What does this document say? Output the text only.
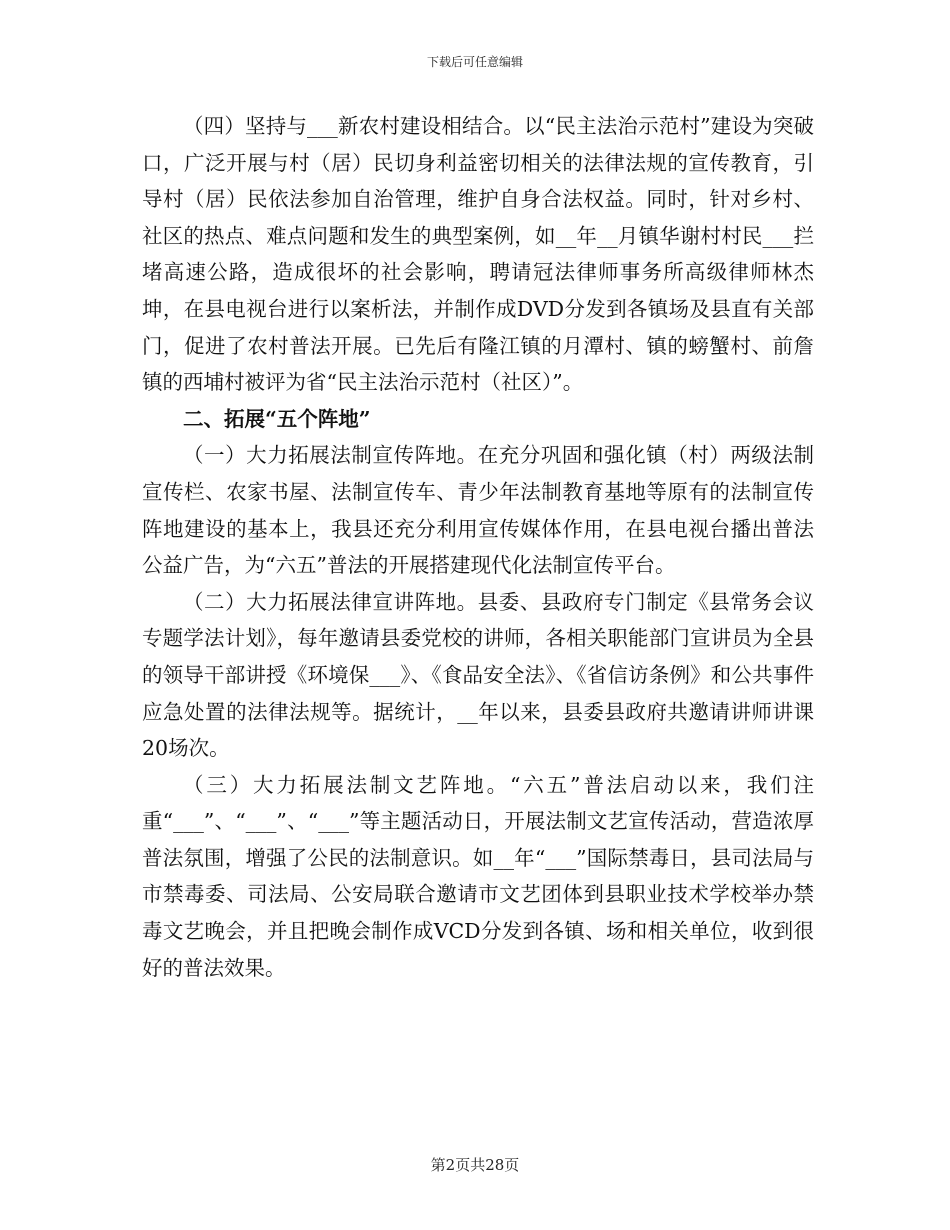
下载后可任意编辑

（四）坚持与___新农村建设相结合。以“民主法治示范村”建设为突破口，广泛开展与村（居）民切身利益密切相关的法律法规的宣传教育，引导村（居）民依法参加自治管理，维护自身合法权益。同时，针对乡村、社区的热点、难点问题和发生的典型案例，如__年__月镇华谢村村民___拦堵高速公路，造成很坏的社会影响，聘请冠法律师事务所高级律师林杰坤，在县电视台进行以案析法，并制作成DVD分发到各镇场及县直有关部门，促进了农村普法开展。已先后有隆江镇的月潭村、镇的螃蟹村、前詹镇的西埔村被评为省“民主法治示范村（社区）”。

二、拓展“五个阵地”

（一）大力拓展法制宣传阵地。在充分巩固和强化镇（村）两级法制宣传栏、农家书屋、法制宣传车、青少年法制教育基地等原有的法制宣传阵地建设的基本上，我县还充分利用宣传媒体作用，在县电视台播出普法公益广告，为“六五”普法的开展搭建现代化法制宣传平台。

（二）大力拓展法律宣讲阵地。县委、县政府专门制定《县常务会议专题学法计划》，每年邀请县委党校的讲师，各相关职能部门宣讲员为全县的领导干部讲授《环境保___》、《食品安全法》、《省信访条例》和公共事件应急处置的法律法规等。据统计，__年以来，县委县政府共邀请讲师讲课20场次。

（三）大力拓展法制文艺阵地。“六五”普法启动以来，我们注重“___”、“___”、“___”等主题活动日，开展法制文艺宣传活动，营造浓厚普法氛围，增强了公民的法制意识。如__年“___”国际禁毒日，县司法局与市禁毒委、司法局、公安局联合邀请市文艺团体到县职业技术学校举办禁毒文艺晚会，并且把晚会制作成VCD分发到各镇、场和相关单位，收到很好的普法效果。

第2页共28页
